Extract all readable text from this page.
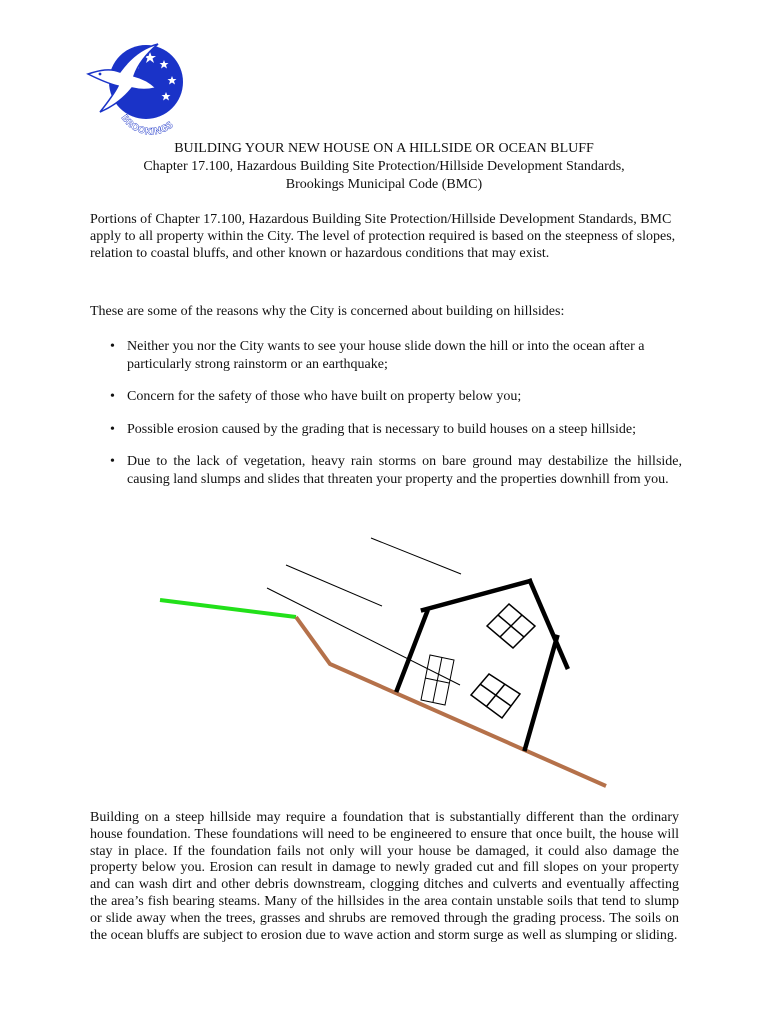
BROOKINGS
BUILDING YOUR NEW HOUSE ON A HILLSIDE OR OCEAN BLUFF
Chapter 17.100, Hazardous Building Site Protection/Hillside Development Standards,
Brookings Municipal Code (BMC)

Portions of Chapter 17.100, Hazardous Building Site Protection/Hillside Development Standards, BMC apply to all property within the City. The level of protection required is based on the steepness of slopes, relation to coastal bluffs, and other known or hazardous conditions that may exist.

These are some of the reasons why the City is concerned about building on hillsides:

• Neither you nor the City wants to see your house slide down the hill or into the ocean after a particularly strong rainstorm or an earthquake;
• Concern for the safety of those who have built on property below you;
• Possible erosion caused by the grading that is necessary to build houses on a steep hillside;
• Due to the lack of vegetation, heavy rain storms on bare ground may destabilize the hillside, causing land slumps and slides that threaten your property and the properties downhill from you.

Building on a steep hillside may require a foundation that is substantially different than the ordinary house foundation. These foundations will need to be engineered to ensure that once built, the house will stay in place. If the foundation fails not only will your house be damaged, it could also damage the property below you. Erosion can result in damage to newly graded cut and fill slopes on your property and can wash dirt and other debris downstream, clogging ditches and culverts and eventually affecting the area’s fish bearing steams. Many of the hillsides in the area contain unstable soils that tend to slump or slide away when the trees, grasses and shrubs are removed through the grading process. The soils on the ocean bluffs are subject to erosion due to wave action and storm surge as well as slumping or sliding.
